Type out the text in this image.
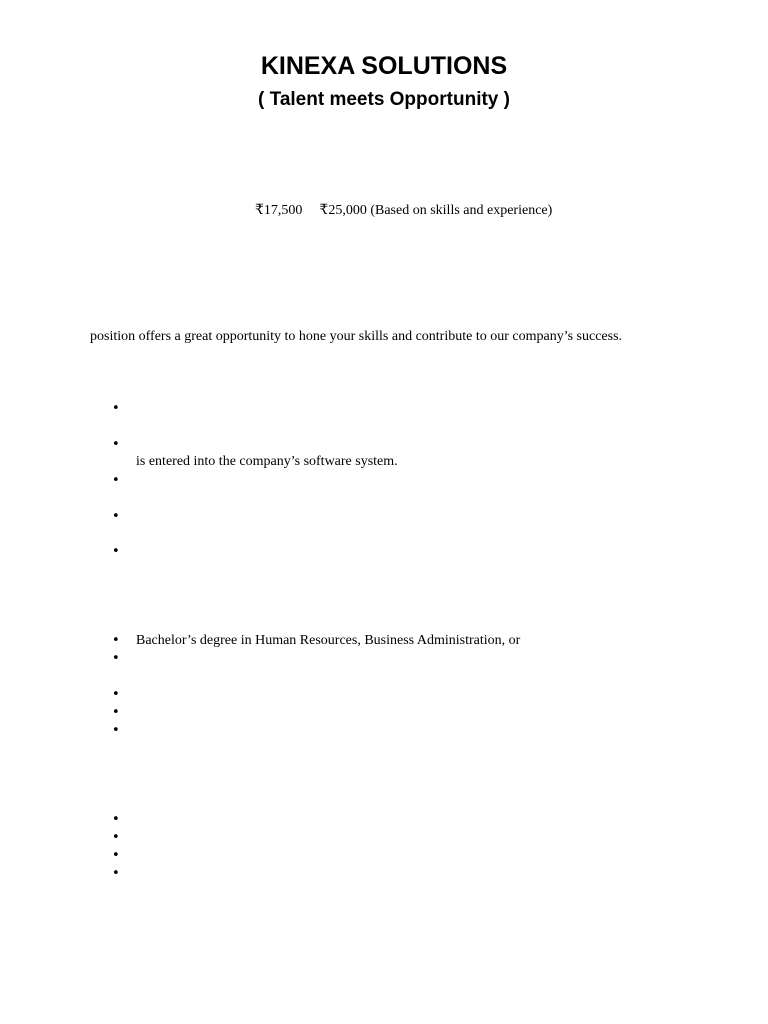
KINEXA SOLUTIONS
( Talent meets Opportunity )
₹17,500 ₹25,000 (Based on skills and experience)
position offers a great opportunity to hone your skills and contribute to our company’s success.
•
•
is entered into the company’s software system.
•
•
•
• Bachelor’s degree in Human Resources, Business Administration, or
•
•
•
•
•
•
•
•
